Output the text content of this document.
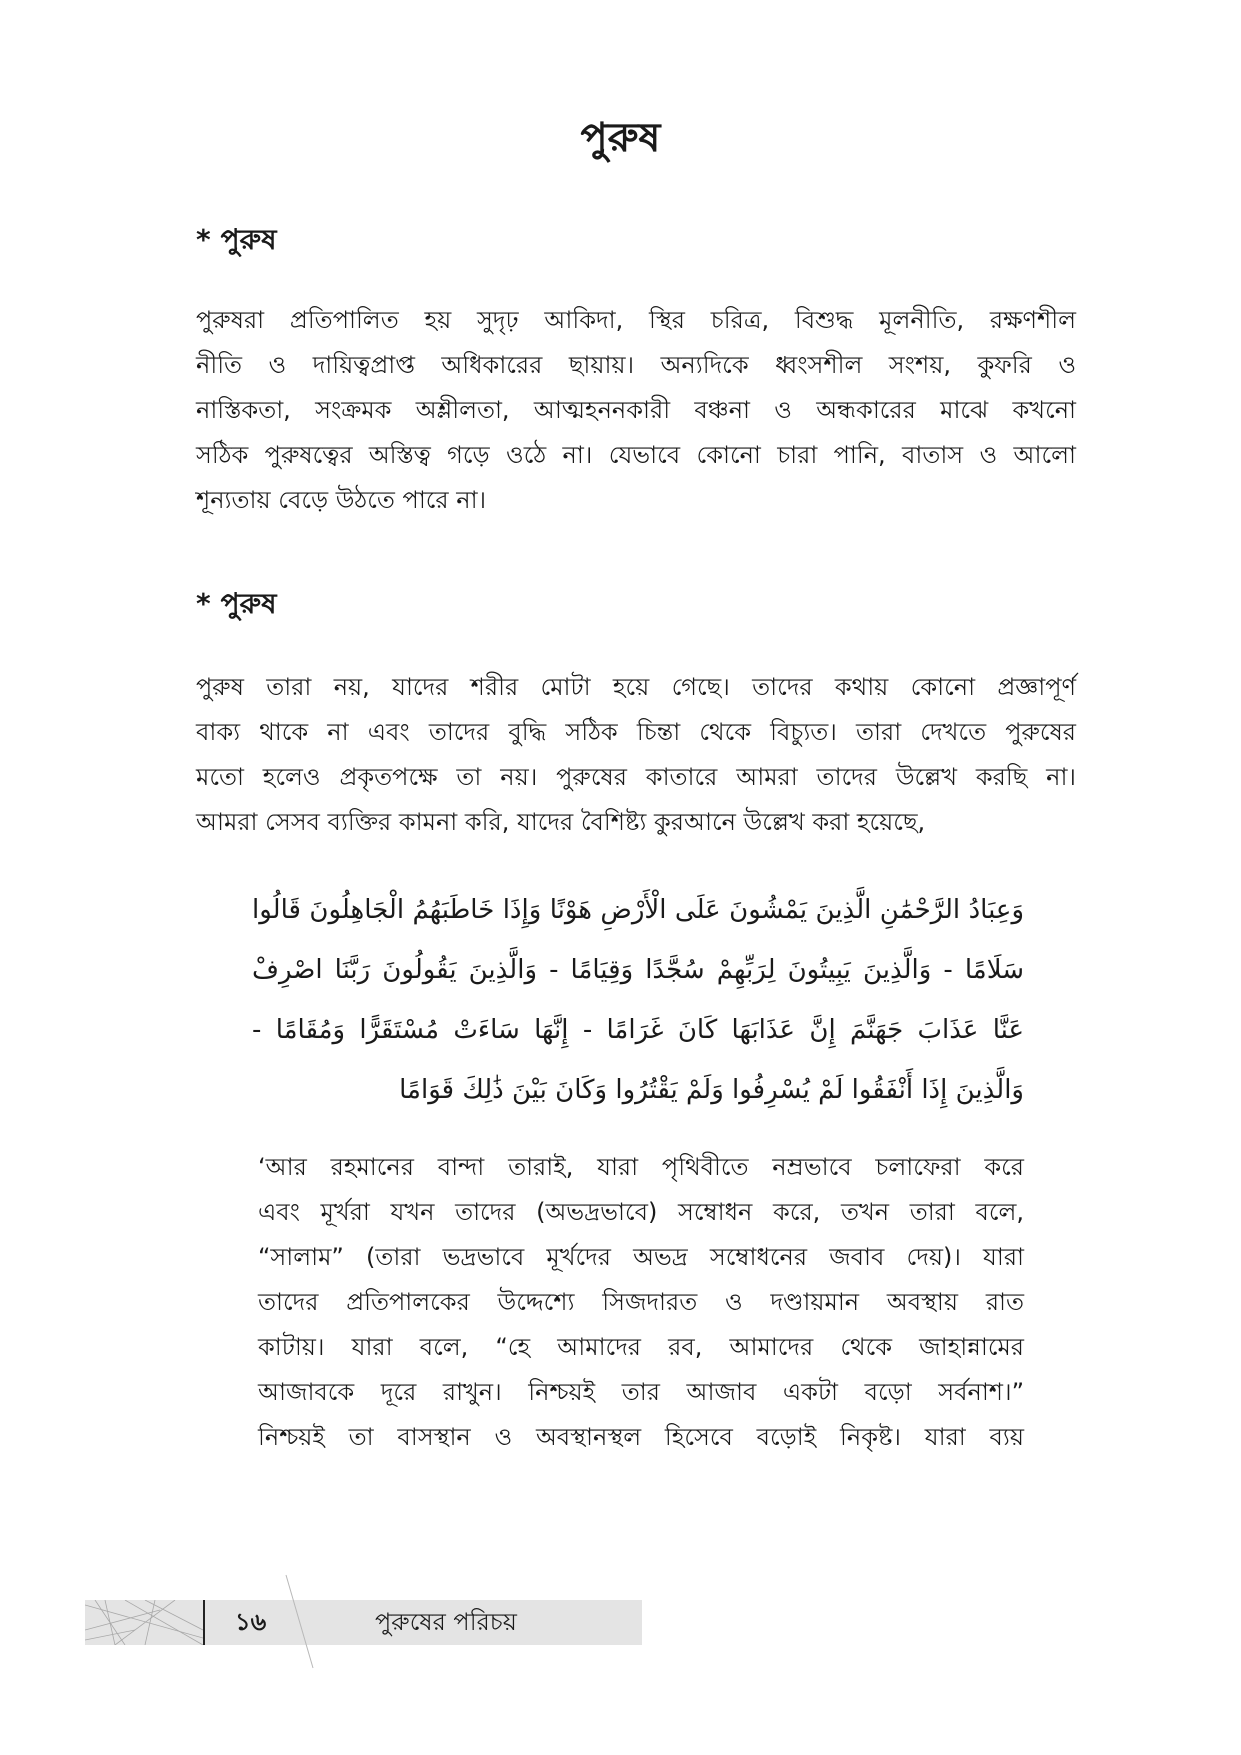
পুরুষ
* পুরুষ

পুরুষরা প্রতিপালিত হয় সুদৃঢ় আকিদা, স্থির চরিত্র, বিশুদ্ধ মূলনীতি, রক্ষণশীল
নীতি ও দায়িত্বপ্রাপ্ত অধিকারের ছায়ায়। অন্যদিকে ধ্বংসশীল সংশয়, কুফরি ও
নাস্তিকতা, সংক্রমক অশ্লীলতা, আত্মহননকারী বঞ্চনা ও অন্ধকারের মাঝে কখনো
সঠিক পুরুষত্বের অস্তিত্ব গড়ে ওঠে না। যেভাবে কোনো চারা পানি, বাতাস ও আলো
শূন্যতায় বেড়ে উঠতে পারে না।

* পুরুষ

পুরুষ তারা নয়, যাদের শরীর মোটা হয়ে গেছে। তাদের কথায় কোনো প্রজ্ঞাপূর্ণ
বাক্য থাকে না এবং তাদের বুদ্ধি সঠিক চিন্তা থেকে বিচ্যুত। তারা দেখতে পুরুষের
মতো হলেও প্রকৃতপক্ষে তা নয়। পুরুষের কাতারে আমরা তাদের উল্লেখ করছি না।
আমরা সেসব ব্যক্তির কামনা করি, যাদের বৈশিষ্ট্য কুরআনে উল্লেখ করা হয়েছে,

وَعِبَادُ الرَّحْمَٰنِ الَّذِينَ يَمْشُونَ عَلَى الْأَرْضِ هَوْنًا وَإِذَا خَاطَبَهُمُ الْجَاهِلُونَ قَالُوا
سَلَامًا - وَالَّذِينَ يَبِيتُونَ لِرَبِّهِمْ سُجَّدًا وَقِيَامًا - وَالَّذِينَ يَقُولُونَ رَبَّنَا اصْرِفْ
عَنَّا عَذَابَ جَهَنَّمَ إِنَّ عَذَابَهَا كَانَ غَرَامًا - إِنَّهَا سَاءَتْ مُسْتَقَرًّا وَمُقَامًا -
وَالَّذِينَ إِذَا أَنْفَقُوا لَمْ يُسْرِفُوا وَلَمْ يَقْتُرُوا وَكَانَ بَيْنَ ذَٰلِكَ قَوَامًا

‘আর রহমানের বান্দা তারাই, যারা পৃথিবীতে নম্রভাবে চলাফেরা করে
এবং মূর্খরা যখন তাদের (অভদ্রভাবে) সম্বোধন করে, তখন তারা বলে,
“সালাম” (তারা ভদ্রভাবে মূর্খদের অভদ্র সম্বোধনের জবাব দেয়)। যারা
তাদের প্রতিপালকের উদ্দেশ্যে সিজদারত ও দণ্ডায়মান অবস্থায় রাত
কাটায়। যারা বলে, “হে আমাদের রব, আমাদের থেকে জাহান্নামের
আজাবকে দূরে রাখুন। নিশ্চয়ই তার আজাব একটা বড়ো সর্বনাশ।”
নিশ্চয়ই তা বাসস্থান ও অবস্থানস্থল হিসেবে বড়োই নিকৃষ্ট। যারা ব্যয়

১৬	পুরুষের পরিচয়
